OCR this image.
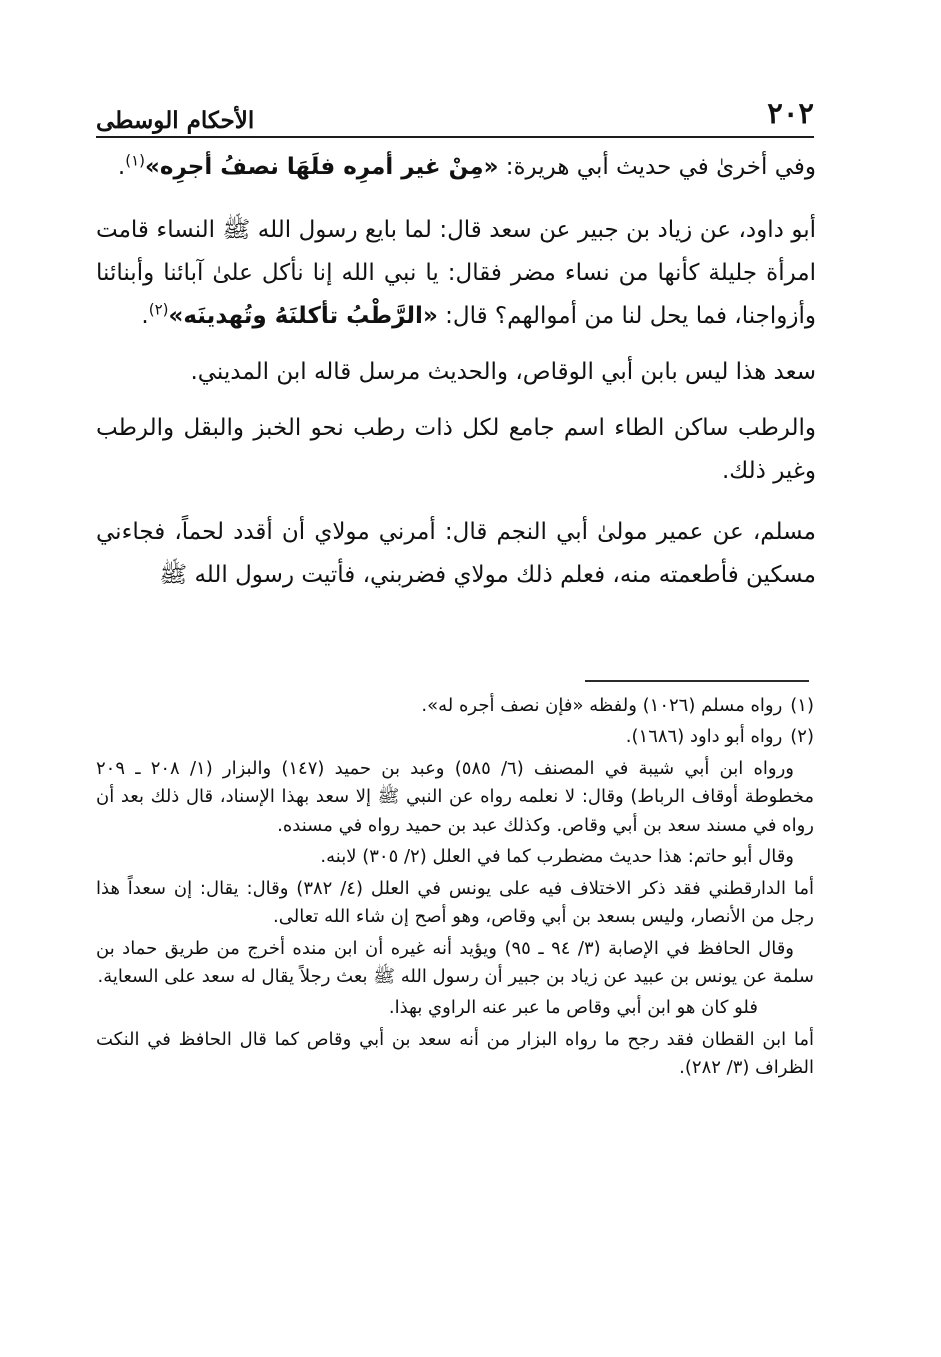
٢٠٢
الأحكام الوسطى

وفي أخرىٰ في حديث أبي هريرة: «مِنْ غير أمرِه فلَهَا نصفُ أجرِه»$^{(١)}$.

أبو داود، عن زياد بن جبير عن سعد قال: لما بايع رسول الله ﷺ النساء قامت امرأة جليلة كأنها من نساء مضر فقال: يا نبي الله إنا نأكل علىٰ آبائنا وأبنائنا وأزواجنا، فما يحل لنا من أموالهم؟ قال: «الرَّطْبُ تأكلنَهُ وتُهدينَه»$^{(٢)}$.

سعد هذا ليس بابن أبي الوقاص، والحديث مرسل قاله ابن المديني.

والرطب ساكن الطاء اسم جامع لكل ذات رطب نحو الخبز والبقل والرطب وغير ذلك.

مسلم، عن عمير مولىٰ أبي النجم قال: أمرني مولاي أن أقدد لحماً، فجاءني مسكين فأطعمته منه، فعلم ذلك مولاي فضربني، فأتيت رسول الله ﷺ

(١)رواه مسلم (١٠٢٦) ولفظه «فإن نصف أجره له».

(٢)رواه أبو داود (١٦٨٦).

ورواه ابن أبي شيبة في المصنف (٦/ ٥٨٥) وعبد بن حميد (١٤٧) والبزار (١/ ٢٠٨ ـ ٢٠٩ مخطوطة أوقاف الرباط) وقال: لا نعلمه رواه عن النبي ﷺ إلا سعد بهذا الإسناد، قال ذلك بعد أن رواه في مسند سعد بن أبي وقاص. وكذلك عبد بن حميد رواه في مسنده.

وقال أبو حاتم: هذا حديث مضطرب كما في العلل (٢/ ٣٠٥) لابنه.

أما الدارقطني فقد ذكر الاختلاف فيه على يونس في العلل (٤/ ٣٨٢) وقال: يقال: إن سعداً هذا رجل من الأنصار، وليس بسعد بن أبي وقاص، وهو أصح إن شاء الله تعالى.

وقال الحافظ في الإصابة (٣/ ٩٤ ـ ٩٥) ويؤيد أنه غيره أن ابن منده أخرج من طريق حماد بن سلمة عن يونس بن عبيد عن زياد بن جبير أن رسول الله ﷺ بعث رجلاً يقال له سعد على السعاية.

فلو كان هو ابن أبي وقاص ما عبر عنه الراوي بهذا.

أما ابن القطان فقد رجح ما رواه البزار من أنه سعد بن أبي وقاص كما قال الحافظ في النكت الظراف (٣/ ٢٨٢).
